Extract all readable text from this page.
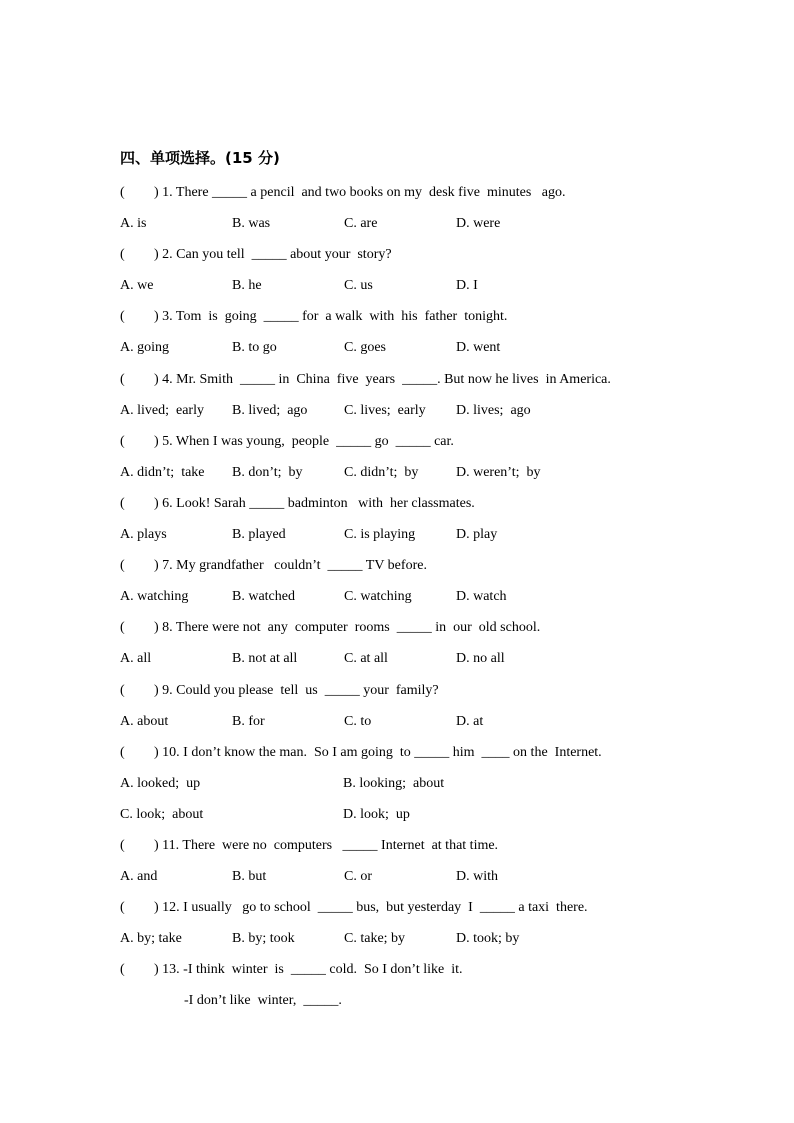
四、单项选择。(15 分)
( ) 1. There _____ a pencil  and two books on my  desk five  minutes   ago.
A. is	B. was	C. are	D. were
( ) 2. Can you tell  _____ about your  story?
A. we	B. he	C. us	D. I
( ) 3. Tom  is  going  _____ for  a walk  with  his  father  tonight.
A. going	B. to go	C. goes	D. went
( ) 4. Mr. Smith  _____ in  China  five  years  _____. But now he lives  in America.
A. lived;  early	B. lived;  ago	C. lives;  early	D. lives;  ago
( ) 5. When I was young,  people  _____ go  _____ car.
A. didn’t;  take	B. don’t;  by	C. didn’t;  by	D. weren’t;  by
( ) 6. Look! Sarah _____ badminton   with  her classmates.
A. plays	B. played	C. is playing	D. play
( ) 7. My grandfather   couldn’t  _____ TV before.
A. watching	B. watched	C. watching	D. watch
( ) 8. There were not  any  computer  rooms  _____ in  our  old school.
A. all	B. not at all	C. at all	D. no all
( ) 9. Could you please  tell  us  _____ your  family?
A. about	B. for	C. to	D. at
( ) 10. I don’t know the man.  So I am going  to _____ him  ____ on the  Internet.
A. looked;  up	B. looking;  about
C. look;  about	D. look;  up
( ) 11. There  were no  computers   _____ Internet  at that time.
A. and	B. but	C. or	D. with
( ) 12. I usually   go to school  _____ bus,  but yesterday  I  _____ a taxi  there.
A. by; take	B. by; took	C. take; by	D. took; by
( ) 13. -I think  winter  is  _____ cold.  So I don’t like  it.
-I don’t like  winter,  _____.
